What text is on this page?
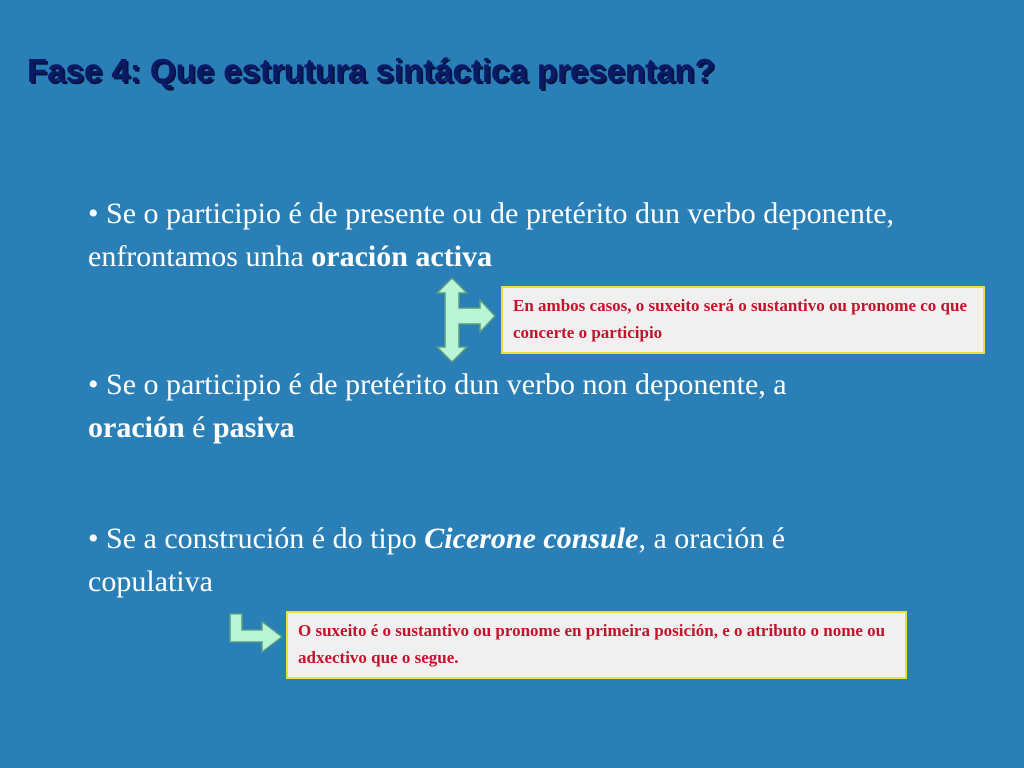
Fase 4: Que estrutura sintáctica presentan?
• Se o participio é de presente ou de pretérito dun verbo deponente, enfrontamos unha oración activa
• Se o participio é de pretérito dun verbo non deponente, a oración é pasiva
• Se a construción é do tipo Cicerone consule, a oración é copulativa
En ambos casos, o suxeito será o sustantivo ou pronome co que concerte o participio
O suxeito é o sustantivo ou pronome en primeira posición, e o atributo o nome ou adxectivo que o segue.
